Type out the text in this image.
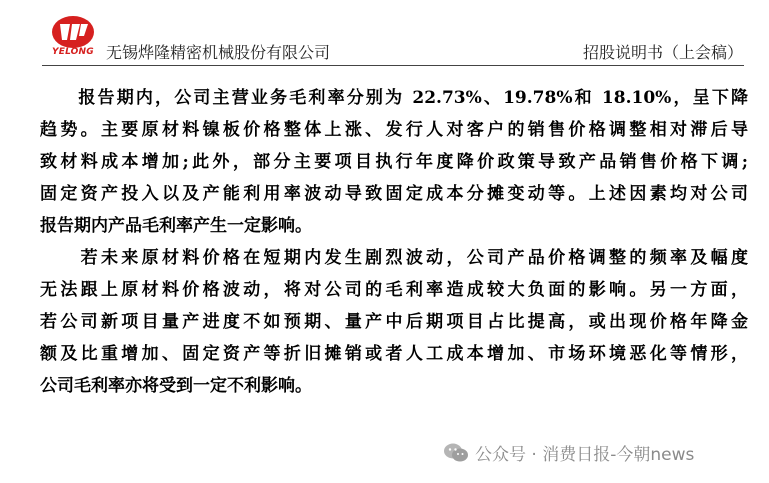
YELONG 无锡烨隆精密机械股份有限公司	招股说明书（上会稿）
　　报告期内，公司主营业务毛利率分别为 22.73%、19.78%和 18.10%，呈下降
趋势。主要原材料镍板价格整体上涨、发行人对客户的销售价格调整相对滞后导
致材料成本增加;此外，部分主要项目执行年度降价政策导致产品销售价格下调;
固定资产投入以及产能利用率波动导致固定成本分摊变动等。上述因素均对公司
报告期内产品毛利率产生一定影响。
　　若未来原材料价格在短期内发生剧烈波动，公司产品价格调整的频率及幅度
无法跟上原材料价格波动，将对公司的毛利率造成较大负面的影响。另一方面，
若公司新项目量产进度不如预期、量产中后期项目占比提高，或出现价格年降金
额及比重增加、固定资产等折旧摊销或者人工成本增加、市场环境恶化等情形，
公司毛利率亦将受到一定不利影响。
公众号 · 消费日报-今朝news
